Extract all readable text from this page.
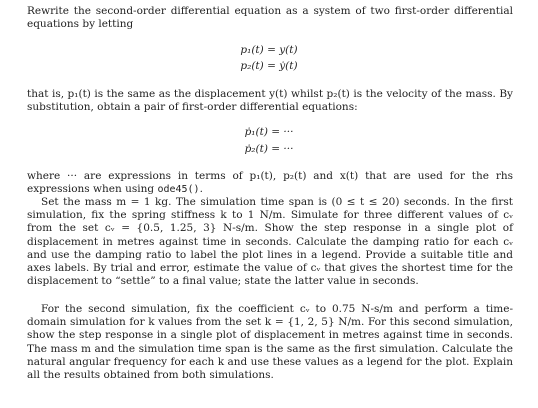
Rewrite the second-order differential equation as a system of two first-order differential equations by letting

p₁(t) = y(t)

p₂(t) = ẏ(t)

that is, p₁(t) is the same as the displacement y(t) whilst p₂(t) is the velocity of the mass. By substitution, obtain a pair of first-order differential equations:

ṗ₁(t) = ···

ṗ₂(t) = ···

where ··· are expressions in terms of p₁(t), p₂(t) and x(t) that are used for the rhs expressions when using ode45().

Set the mass m = 1 kg. The simulation time span is (0 ≤ t ≤ 20) seconds. In the first simulation, fix the spring stiffness k to 1 N/m. Simulate for three different values of cᵥ from the set cᵥ = {0.5, 1.25, 3} N-s/m. Show the step response in a single plot of displacement in metres against time in seconds. Calculate the damping ratio for each cᵥ and use the damping ratio to label the plot lines in a legend. Provide a suitable title and axes labels. By trial and error, estimate the value of cᵥ that gives the shortest time for the displacement to “settle” to a final value; state the latter value in seconds.

For the second simulation, fix the coefficient cᵥ to 0.75 N-s/m and perform a time-domain simulation for k values from the set k = {1, 2, 5} N/m. For this second simulation, show the step response in a single plot of displacement in metres against time in seconds. The mass m and the simulation time span is the same as the first simulation. Calculate the natural angular frequency for each k and use these values as a legend for the plot. Explain all the results obtained from both simulations.
